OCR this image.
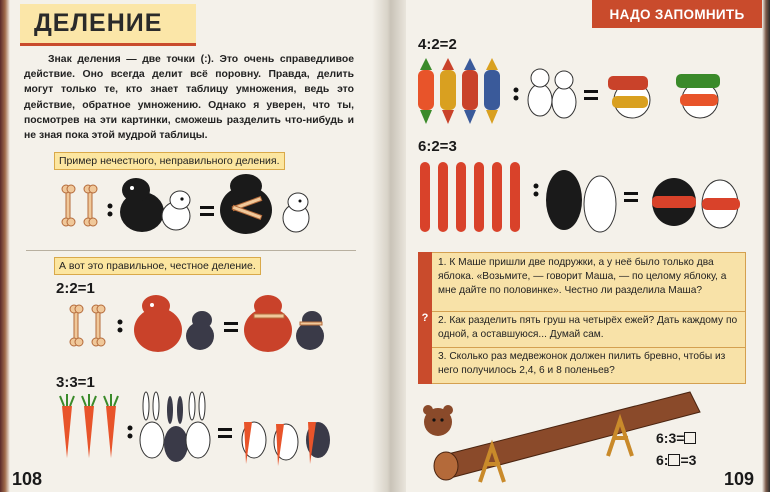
ДЕЛЕНИЕ
Знак деления — две точки (:). Это очень справедливое действие. Оно всегда делит всё поровну. Правда, делить могут только те, кто знает таблицу умножения, ведь это действие, обратное умножению. Однако я уверен, что ты, посмотрев на эти картинки, сможешь разделить что-нибудь и не зная пока этой мудрой таблицы.
Пример нечестного, неправильного деления.
А вот это правильное, честное деление.
2:2=1
3:3=1
108
НАДО ЗАПОМНИТЬ
4:2=2
6:2=3
?
1. К Маше пришли две подружки, а у неё было только два яблока. «Возьмите, — говорит Маша, — по целому яблоку, а мне дайте по половинке». Честно ли разделила Маша?
2. Как разделить пять груш на четырёх ежей? Дать каждому по одной, а оставшуюся... Думай сам.
3. Сколько раз медвежонок должен пилить бревно, чтобы из него получилось 2,4, 6 и 8 поленьев?
6:3=
6: =3
109
